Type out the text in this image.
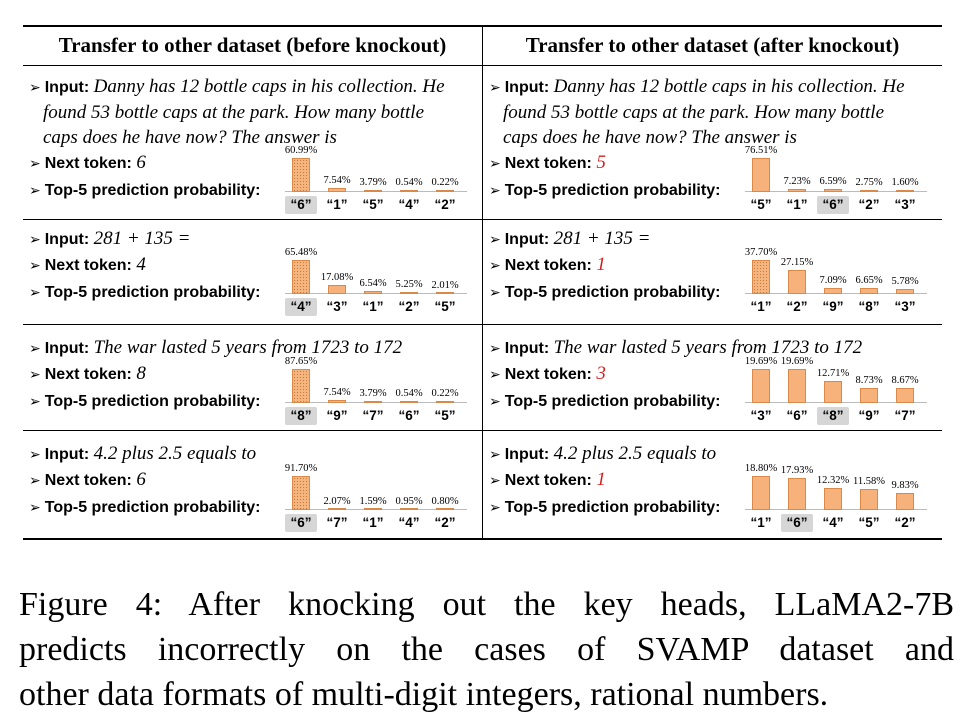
Transfer to other dataset (before knockout)
➢ Input: Danny has 12 bottle caps in his collection. He
found 53 bottle caps at the park. How many bottle
caps does he have now? The answer is
➢ Next token: 6
➢ Top-5 prediction probability:
60.99%
“6”
7.54%
“1”
3.79%
“5”
0.54%
“4”
0.22%
“2”
➢ Input: 281 + 135 =
➢ Next token: 4
➢ Top-5 prediction probability:
65.48%
“4”
17.08%
“3”
6.54%
“1”
5.25%
“2”
2.01%
“5”
➢ Input: The war lasted 5 years from 1723 to 172
➢ Next token: 8
➢ Top-5 prediction probability:
87.65%
“8”
7.54%
“9”
3.79%
“7”
0.54%
“6”
0.22%
“5”
➢ Input: 4.2 plus 2.5 equals to
➢ Next token: 6
➢ Top-5 prediction probability:
91.70%
“6”
2.07%
“7”
1.59%
“1”
0.95%
“4”
0.80%
“2”
Transfer to other dataset (after knockout)
➢ Input: Danny has 12 bottle caps in his collection. He
found 53 bottle caps at the park. How many bottle
caps does he have now? The answer is
➢ Next token: 5
➢ Top-5 prediction probability:
76.51%
“5”
7.23%
“1”
6.59%
“6”
2.75%
“2”
1.60%
“3”
➢ Input: 281 + 135 =
➢ Next token: 1
➢ Top-5 prediction probability:
37.70%
“1”
27.15%
“2”
7.09%
“9”
6.65%
“8”
5.78%
“3”
➢ Input: The war lasted 5 years from 1723 to 172
➢ Next token: 3
➢ Top-5 prediction probability:
19.69%
“3”
19.69%
“6”
12.71%
“8”
8.73%
“9”
8.67%
“7”
➢ Input: 4.2 plus 2.5 equals to
➢ Next token: 1
➢ Top-5 prediction probability:
18.80%
“1”
17.93%
“6”
12.32%
“4”
11.58%
“5”
9.83%
“2”
Figure 4: After knocking out the key heads, LLaMA2-7B
predicts incorrectly on the cases of SVAMP dataset and
other data formats of multi-digit integers, rational numbers.
